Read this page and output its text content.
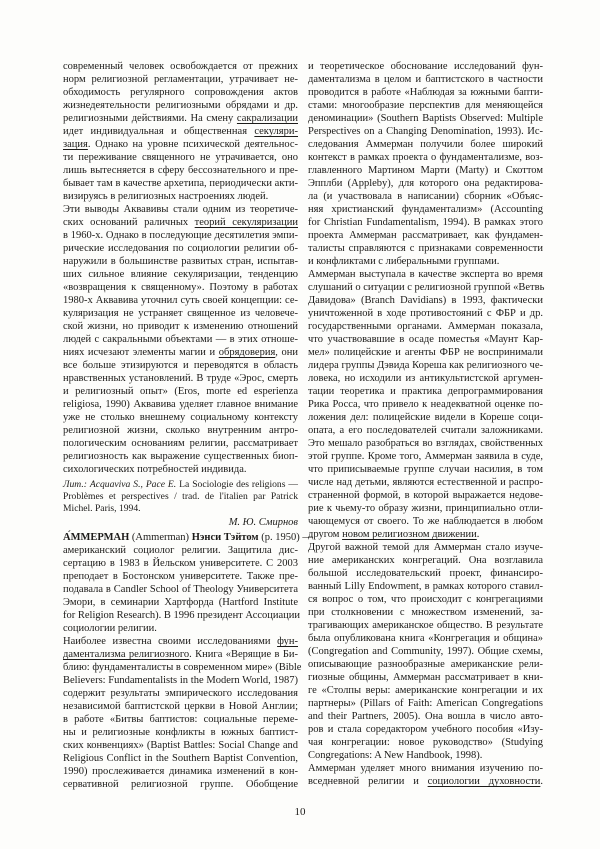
современный человек освобождается от прежних
норм религиозной регламентации, утрачивает не-
обходимость регулярного сопровождения актов
жизнедеятельности религиозными обрядами и др.
религиозными действиями. На смену сакрализации
идет индивидуальная и общественная секуляри-
зация. Однако на уровне психической деятельнос-
ти переживание священного не утрачивается, оно
лишь вытесняется в сферу бессознательного и пре-
бывает там в качестве архетипа, периодически акти-
визируясь в религиозных настроениях людей.
Эти выводы Аквавивы стали одним из теоретиче-
ских оснований раличных теорий секуляризации
в 1960-х. Однако в последующие десятилетия эмпи-
рические исследования по социологии религии об-
наружили в большинстве развитых стран, испытав-
ших сильное влияние секуляризации, тенденцию
«возвращения к священному». Поэтому в работах
1980-х Аквавива уточнил суть своей концепции: се-
куляризация не устраняет священное из человече-
ской жизни, но приводит к изменению отношений
людей с сакральными объектами — в этих отноше-
ниях исчезают элементы магии и обрядоверия, они
все больше этизируются и переводятся в область
нравственных установлений. В труде «Эрос, смерть
и религиозный опыт» (Eros, morte ed esperienza
religiosa, 1990) Аквавива уделяет главное внимание
уже не столько внешнему социальному контексту
религиозной жизни, сколько внутренним антро-
пологическим основаниям религии, рассматривает
религиозность как выражение существенных биоп-
сихологических потребностей индивида.
Лит.: Acquaviva S., Pace E. La Sociologie des religions —
Problèmes et perspectives / trad. de l'italien par Patrick
Michel. Paris, 1994.
М. Ю. Смирнов
А́ММЕРМАН (Ammerman) Нэнси Тэйтом (р. 1950) —
американский социолог религии. Защитила дис-
сертацию в 1983 в Йельском университете. С 2003
преподает в Бостонском университете. Также пре-
подавала в Candler School of Theology Университета
Эмори, в семинарии Хартфорда (Hartford Institute
for Religion Research). В 1996 президент Ассоциации
социологии религии.
Наиболее известна своими исследованиями фун-
даментализма религиозного. Книга «Верящие в Би-
блию: фундаменталисты в современном мире» (Bible
Believers: Fundamentalists in the Modern World, 1987)
содержит результаты эмпирического исследования
независимой баптистской церкви в Новой Англии;
в работе «Битвы баптистов: социальные переме-
ны и религиозные конфликты в южных баптист-
ских конвенциях» (Baptist Battles: Social Change and
Religious Conflict in the Southern Baptist Convention,
1990) прослеживается динамика изменений в кон-
сервативной религиозной группе. Обобщение
и теоретическое обоснование исследований фун-
даментализма в целом и баптистского в частности
проводится в работе «Наблюдая за южными бапти-
стами: многообразие перспектив для меняющейся
деноминации» (Southern Baptists Observed: Multiple
Perspectives on a Changing Denomination, 1993). Ис-
следования Аммерман получили более широкий
контекст в рамках проекта о фундаментализме, воз-
главленного Мартином Марти (Marty) и Скоттом
Эпплби (Appleby), для которого она редактирова-
ла (и участвовала в написании) сборник «Объяс-
няя христианский фундаментализм» (Accounting
for Christian Fundamentalism, 1994). В рамках этого
проекта Аммерман рассматривает, как фундамен-
талисты справляются с признаками современности
и конфликтами с либеральными группами.
Аммерман выступала в качестве эксперта во время
слушаний о ситуации с религиозной группой «Ветвь
Давидова» (Branch Davidians) в 1993, фактически
уничтоженной в ходе противостояний с ФБР и др.
государственными органами. Аммерман показала,
что участвовавшие в осаде поместья «Маунт Кар-
мел» полицейские и агенты ФБР не воспринимали
лидера группы Дэвида Кореша как религиозного че-
ловека, но исходили из антикультистской аргумен-
тации теоретика и практика депрограммирования
Рика Росса, что привело к неадекватной оценке по-
ложения дел: полицейские видели в Кореше соци-
опата, а его последователей считали заложниками.
Это мешало разобраться во взглядах, свойственных
этой группе. Кроме того, Аммерман заявила в суде,
что приписываемые группе случаи насилия, в том
числе над детьми, являются естественной и распро-
страненной формой, в которой выражается недове-
рие к чьему-то образу жизни, принципиально отли-
чающемуся от своего. То же наблюдается в любом
другом новом религиозном движении.
Другой важной темой для Аммерман стало изуче-
ние американских конгрегаций. Она возглавила
большой исследовательский проект, финансиро-
ванный Lilly Endowment, в рамках которого ставил-
ся вопрос о том, что происходит с конгрегациями
при столкновении с множеством изменений, за-
трагивающих американское общество. В результате
была опубликована книга «Конгрегация и община»
(Congregation and Community, 1997). Общие схемы,
описывающие разнообразные американские рели-
гиозные общины, Аммерман рассматривает в кни-
ге «Столпы веры: американские конгрегации и их
партнеры» (Pillars of Faith: American Congregations
and their Partners, 2005). Она вошла в число авто-
ров и стала соредактором учебного пособия «Изу-
чая конгрегации: новое руководство» (Studying
Congregations: A New Handbook, 1998).
Аммерман уделяет много внимания изучению по-
вседневной религии и социологии духовности.
10
